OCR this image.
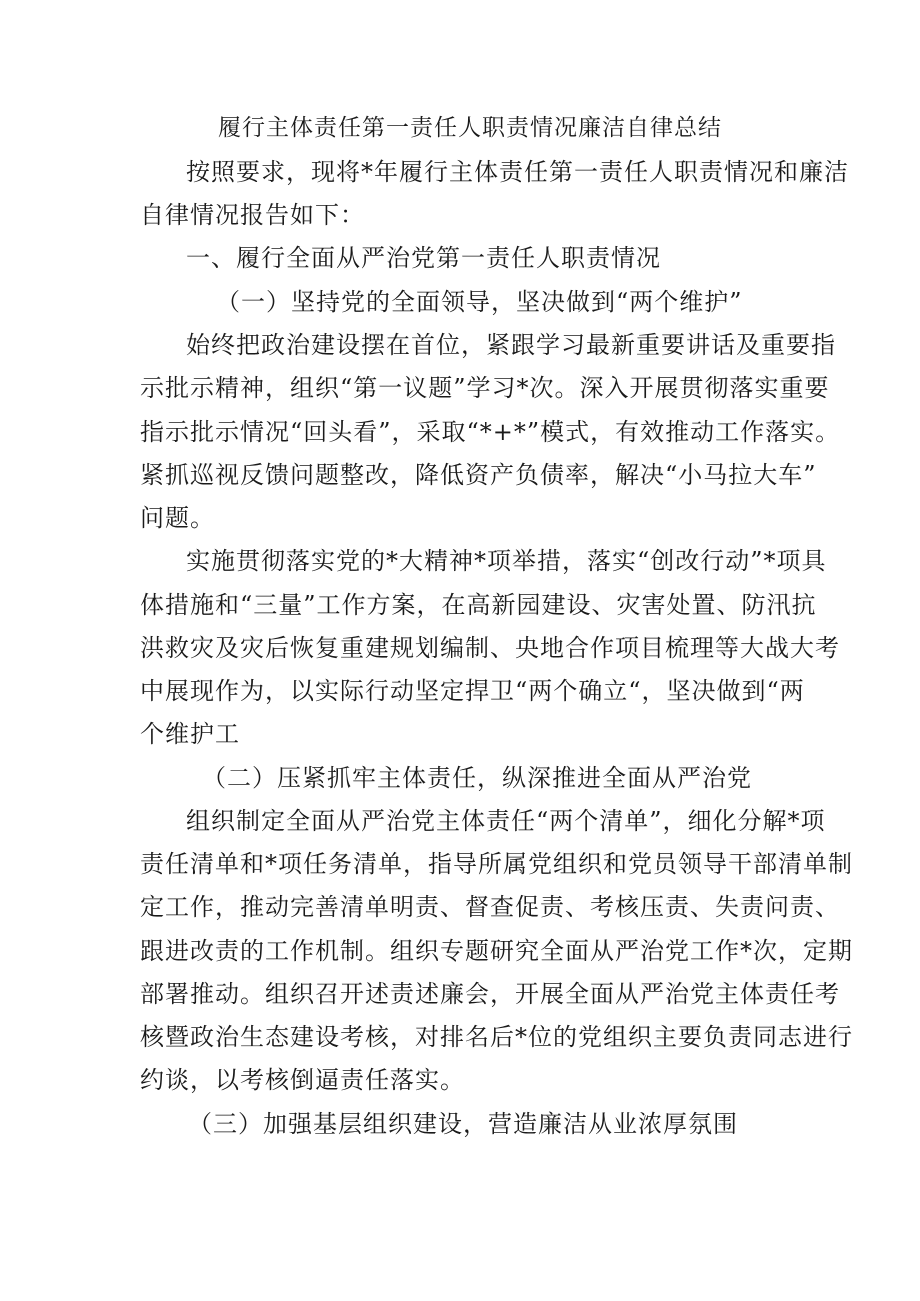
履行主体责任第一责任人职责情况廉洁自律总结
按照要求，现将*年履行主体责任第一责任人职责情况和廉洁
自律情况报告如下：
一、履行全面从严治党第一责任人职责情况
（一）坚持党的全面领导，坚决做到“两个维护”
始终把政治建设摆在首位，紧跟学习最新重要讲话及重要指
示批示精神，组织“第一议题”学习*次。深入开展贯彻落实重要
指示批示情况“回头看”，采取“*+*”模式，有效推动工作落实。
紧抓巡视反馈问题整改，降低资产负债率，解决“小马拉大车”
问题。
实施贯彻落实党的*大精神*项举措，落实“创改行动”*项具
体措施和“三量”工作方案，在高新园建设、灾害处置、防汛抗
洪救灾及灾后恢复重建规划编制、央地合作项目梳理等大战大考
中展现作为，以实际行动坚定捍卫“两个确立“，坚决做到“两
个维护工
（二）压紧抓牢主体责任，纵深推进全面从严治党
组织制定全面从严治党主体责任“两个清单”，细化分解*项
责任清单和*项任务清单，指导所属党组织和党员领导干部清单制
定工作，推动完善清单明责、督查促责、考核压责、失责问责、
跟进改责的工作机制。组织专题研究全面从严治党工作*次，定期
部署推动。组织召开述责述廉会，开展全面从严治党主体责任考
核暨政治生态建设考核，对排名后*位的党组织主要负责同志进行
约谈，以考核倒逼责任落实。
（三）加强基层组织建设，营造廉洁从业浓厚氛围
